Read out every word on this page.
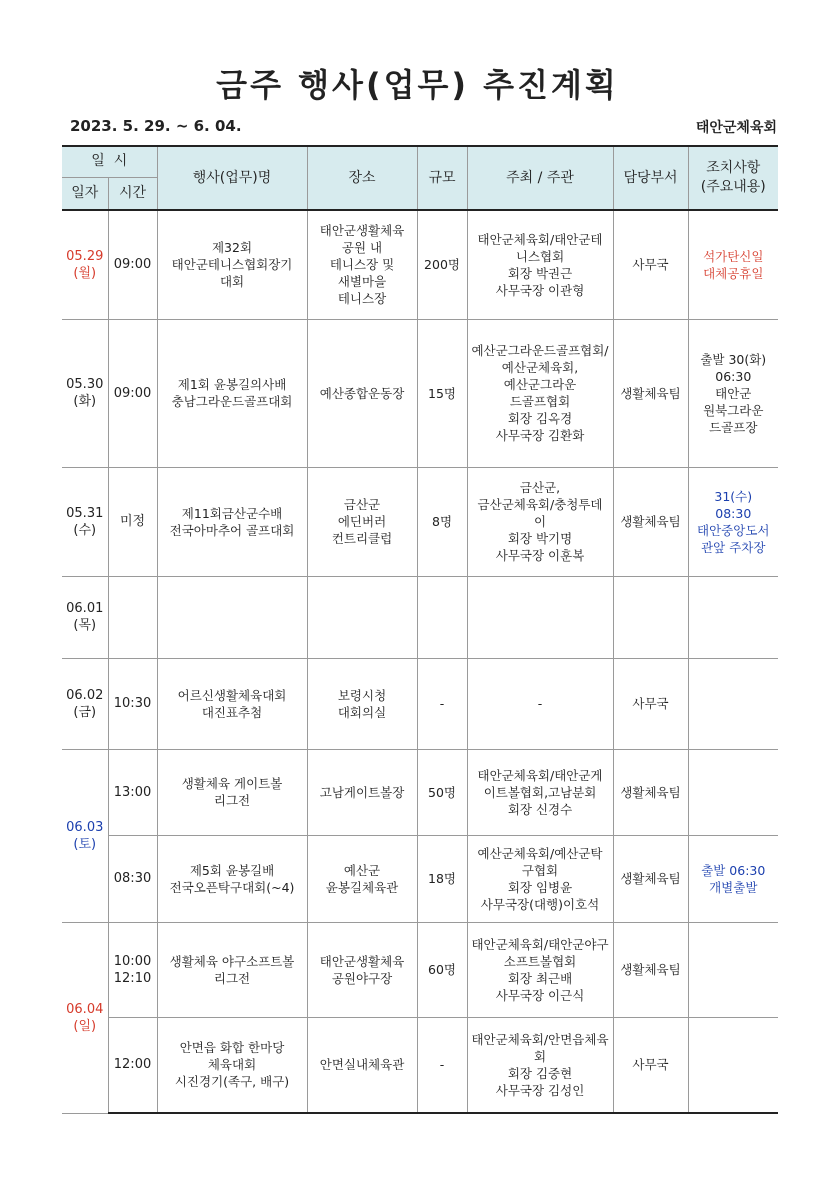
금주 행사(업무) 추진계획
2023. 5. 29. ~ 6. 04.	태안군체육회
일  시		행사(업무)명	장소	규모	주최 / 주관	담당부서	조치사항
(주요내용)
일자	시간						
05.29
(월)	09:00	제32회
태안군테니스협회장기
대회	태안군생활체육
공원 내
테니스장 및
새별마을
테니스장	200명	태안군체육회/태안군테
니스협회
회장 박권근
사무국장 이관형	사무국	석가탄신일
대체공휴일
05.30
(화)	09:00	제1회 윤봉길의사배
충남그라운드골프대회	예산종합운동장	15명	예산군그라운드골프협회/
예산군체육회,예산군그라운
드골프협회
회장 김옥경
사무국장 김환화	생활체육팀	출발 30(화)
06:30
태안군
원북그라운
드골프장
05.31
(수)	미정	제11회금산군수배
전국아마추어 골프대회	금산군
에딘버러
컨트리클럽	8명	금산군,
금산군체육회/충청투데
이
회장 박기명
사무국장 이훈복	생활체육팀	31(수)
08:30
태안중앙도서
관앞 주차장
06.01
(목)							
06.02
(금)	10:30	어르신생활체육대회
대진표추첨	보령시청
대회의실	-	-	사무국	
06.03
(토)	13:00	생활체육 게이트볼
리그전	고남게이트볼장	50명	태안군체육회/태안군게
이트볼협회,고남분회
회장 신경수	생활체육팀	
	08:30	제5회 윤봉길배
전국오픈탁구대회(~4)	예산군
윤봉길체육관	18명	예산군체육회/예산군탁
구협회
회장 임병윤
사무국장(대행)이호석	생활체육팀	출발 06:30
개별출발
06.04
(일)	10:00
12:10	생활체육 야구소프트볼
리그전	태안군생활체육
공원야구장	60명	태안군체육회/태안군야구
소프트볼협회
회장 최근배
사무국장 이근식	생활체육팀	
	12:00	안면읍 화합 한마당
체육대회
시진경기(족구, 배구)	안면실내체육관	-	태안군체육회/안면읍체육
회
회장 김중현
사무국장 김성인	사무국	
